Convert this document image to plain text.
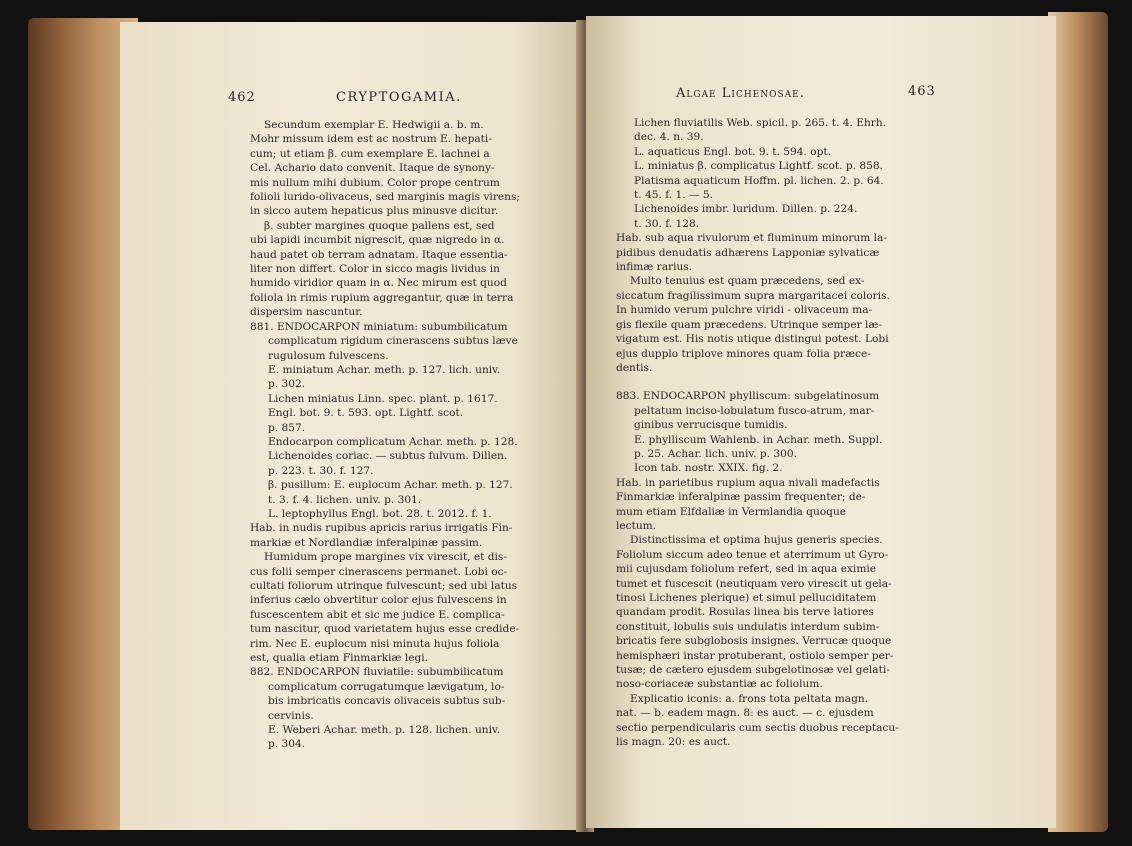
462	CRYPTOGAMIA.

Secundum exemplar E. Hedwigii a. b. m.

Mohr missum idem est ac nostrum E. hepati-

cum; ut etiam β. cum exemplare E. lachnei a

Cel. Achario dato convenit. Itaque de synony-

mis nullum mihi dubium. Color prope centrum

folioli lurido-olivaceus, sed marginis magis virens;

in sicco autem hepaticus plus minusve dicitur.

β. subter margines quoque pallens est, sed

ubi lapidi incumbit nigrescit, quæ nigredo in α.

haud patet ob terram adnatam. Itaque essentia-

liter non differt. Color in sicco magis lividus in

humido viridior quam in α. Nec mirum est quod

foliola in rimis rupium aggregantur, quæ in terra

dispersim nascuntur.

881. ENDOCARPON miniatum: subumbilicatum

complicatum rigidum cinerascens subtus læve

rugulosum fulvescens.

E. miniatum Achar. meth. p. 127. lich. univ.

p. 302.

Lichen miniatus Linn. spec. plant. p. 1617.

Engl. bot. 9. t. 593. opt. Lightf. scot.

p. 857.

Endocarpon complicatum Achar. meth. p. 128.

Lichenoides coriac. — subtus fulvum. Dillen.

p. 223. t. 30. f. 127.

β. pusillum: E. euplocum Achar. meth. p. 127.

t. 3. f. 4. lichen. univ. p. 301.

L. leptophyllus Engl. bot. 28. t. 2012. f. 1.

Hab. in nudis rupibus apricis rarius irrigatis Fin-

markiæ et Nordlandiæ inferalpinæ passim.

Humidum prope margines vix virescit, et dis-

cus folii semper cinerascens permanet. Lobi oc-

cultati foliorum utrinque fulvescunt; sed ubi latus

inferius cælo obvertitur color ejus fulvescens in

fuscescentem abit et sic me judice E. complica-

tum nascitur, quod varietatem hujus esse credide-

rim. Nec E. euplocum nisi minuta hujus foliola

est, qualia etiam Finmarkiæ legi.

882. ENDOCARPON fluviatile: subumbilicatum

complicatum corrugatumque lævigatum, lo-

bis imbricatis concavis olivaceis subtus sub-

cervinis.

E. Weberi Achar. meth. p. 128. lichen. univ.

p. 304.

Algae Lichenosae.	463

Lichen fluviatilis Web. spicil. p. 265. t. 4. Ehrh.

dec. 4. n. 39.

L. aquaticus Engl. bot. 9. t. 594. opt.

L. miniatus β. complicatus Lightf. scot. p. 858.

Platisma aquaticum Hoffm. pl. lichen. 2. p. 64.

t. 45. f. 1. — 5.

Lichenoides imbr. luridum. Dillen. p. 224.

t. 30. f. 128.

Hab. sub aqua rivulorum et fluminum minorum la-

pidibus denudatis adhærens Lapponiæ sylvaticæ

infimæ rarius.

Multo tenuius est quam præcedens, sed ex-

siccatum fragilissimum supra margaritacei coloris.

In humido verum pulchre viridi - olivaceum ma-

gis flexile quam præcedens. Utrinque semper læ-

vigatum est. His notis utique distingui potest. Lobi

ejus dupplo triplove minores quam folia præce-

dentis.

883. ENDOCARPON phylliscum: subgelatinosum

peltatum inciso-lobulatum fusco-atrum, mar-

ginibus verrucisque tumidis.

E. phylliscum Wahlenb. in Achar. meth. Suppl.

p. 25. Achar. lich. univ. p. 300.

Icon tab. nostr. XXIX. fig. 2.

Hab. in parietibus rupium aqua nivali madefactis

Finmarkiæ inferalpinæ passim frequenter; de-

mum etiam Elfdaliæ in Vermlandia quoque

lectum.

Distinctissima et optima hujus generis species.

Foliolum siccum adeo tenue et aterrimum ut Gyro-

mii cujusdam foliolum refert, sed in aqua eximie

tumet et fuscescit (neutiquam vero virescit ut gela-

tinosi Lichenes plerique) et simul pelluciditatem

quandam prodit. Rosulas linea bis terve latiores

constituit, lobulis suis undulatis interdum subim-

bricatis fere subglobosis insignes. Verrucæ quoque

hemisphæri instar protuberant, ostiolo semper per-

tusæ; de cætero ejusdem subgelotinosæ vel gelati-

noso-coriaceæ substantiæ ac foliolum.

Explicatio iconis: a. frons tota peltata magn.

nat. — b. eadem magn. 8: es auct. — c. ejusdem

sectio perpendicularis cum sectis duobus receptacu-

lis magn. 20: es auct.
